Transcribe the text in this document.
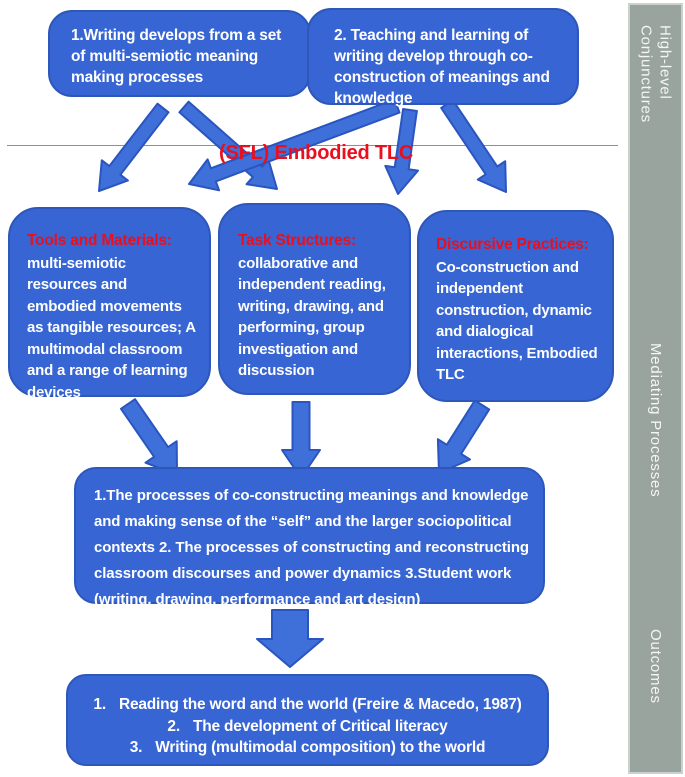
(SFL) Embodied TLC
1.Writing develops from a set of multi-semiotic meaning making processes
2. Teaching and learning of writing develop through co-construction of meanings and knowledge
Tools and Materials:
multi-semiotic resources and embodied movements as tangible resources; A multimodal classroom and a range of learning devices
Task Structures:
collaborative and independent reading, writing, drawing, and performing, group investigation and discussion
Discursive Practices:
Co-construction and independent construction, dynamic and dialogical interactions, Embodied TLC
1.The processes of co-constructing meanings and knowledge and making sense of the “self” and the larger sociopolitical contexts 2. The processes of constructing and reconstructing classroom discourses and power dynamics 3.Student work (writing, drawing, performance and art design)
1. Reading the word and the world (Freire & Macedo, 1987)
2. The development of Critical literacy
3. Writing (multimodal composition) to the world
High-level Conjunctures
Mediating Processes
Outcomes
